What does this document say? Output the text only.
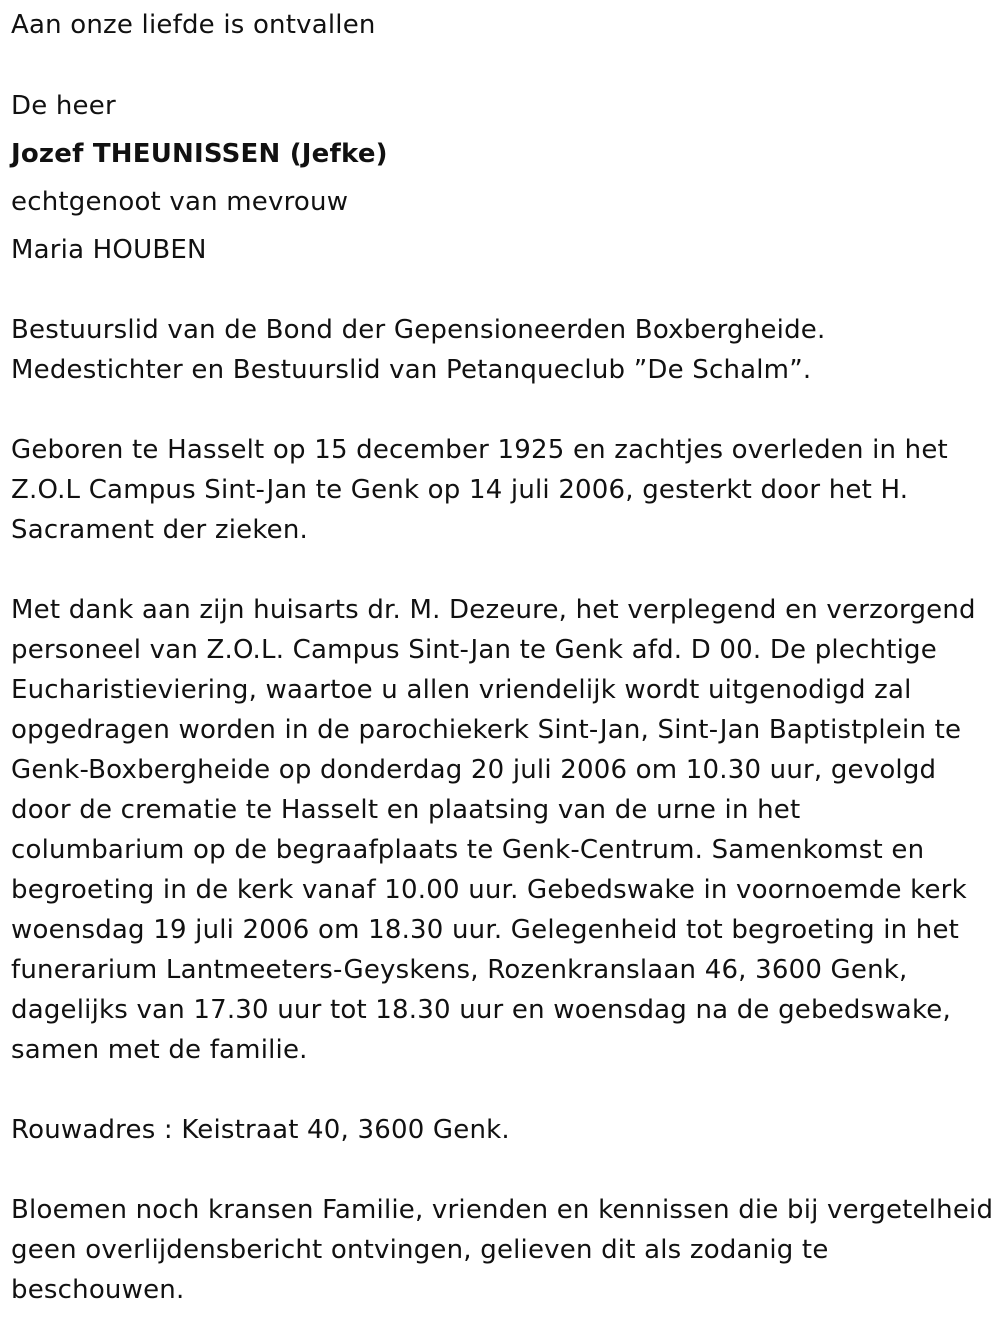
Aan onze liefde is ontvallen
De heer
Jozef THEUNISSEN (Jefke)
echtgenoot van mevrouw
Maria HOUBEN
Bestuurslid van de Bond der Gepensioneerden Boxbergheide.
Medestichter en Bestuurslid van Petanqueclub ”De Schalm”.
Geboren te Hasselt op 15 december 1925 en zachtjes overleden in het
Z.O.L Campus Sint-Jan te Genk op 14 juli 2006, gesterkt door het H.
Sacrament der zieken.
Met dank aan zijn huisarts dr. M. Dezeure, het verplegend en verzorgend
personeel van Z.O.L. Campus Sint-Jan te Genk afd. D 00. De plechtige
Eucharistieviering, waartoe u allen vriendelijk wordt uitgenodigd zal
opgedragen worden in de parochiekerk Sint-Jan, Sint-Jan Baptistplein te
Genk-Boxbergheide op donderdag 20 juli 2006 om 10.30 uur, gevolgd
door de crematie te Hasselt en plaatsing van de urne in het
columbarium op de begraafplaats te Genk-Centrum. Samenkomst en
begroeting in de kerk vanaf 10.00 uur. Gebedswake in voornoemde kerk
woensdag 19 juli 2006 om 18.30 uur. Gelegenheid tot begroeting in het
funerarium Lantmeeters-Geyskens, Rozenkranslaan 46, 3600 Genk,
dagelijks van 17.30 uur tot 18.30 uur en woensdag na de gebedswake,
samen met de familie.
Rouwadres : Keistraat 40, 3600 Genk.
Bloemen noch kransen Familie, vrienden en kennissen die bij vergetelheid
geen overlijdensbericht ontvingen, gelieven dit als zodanig te
beschouwen.
